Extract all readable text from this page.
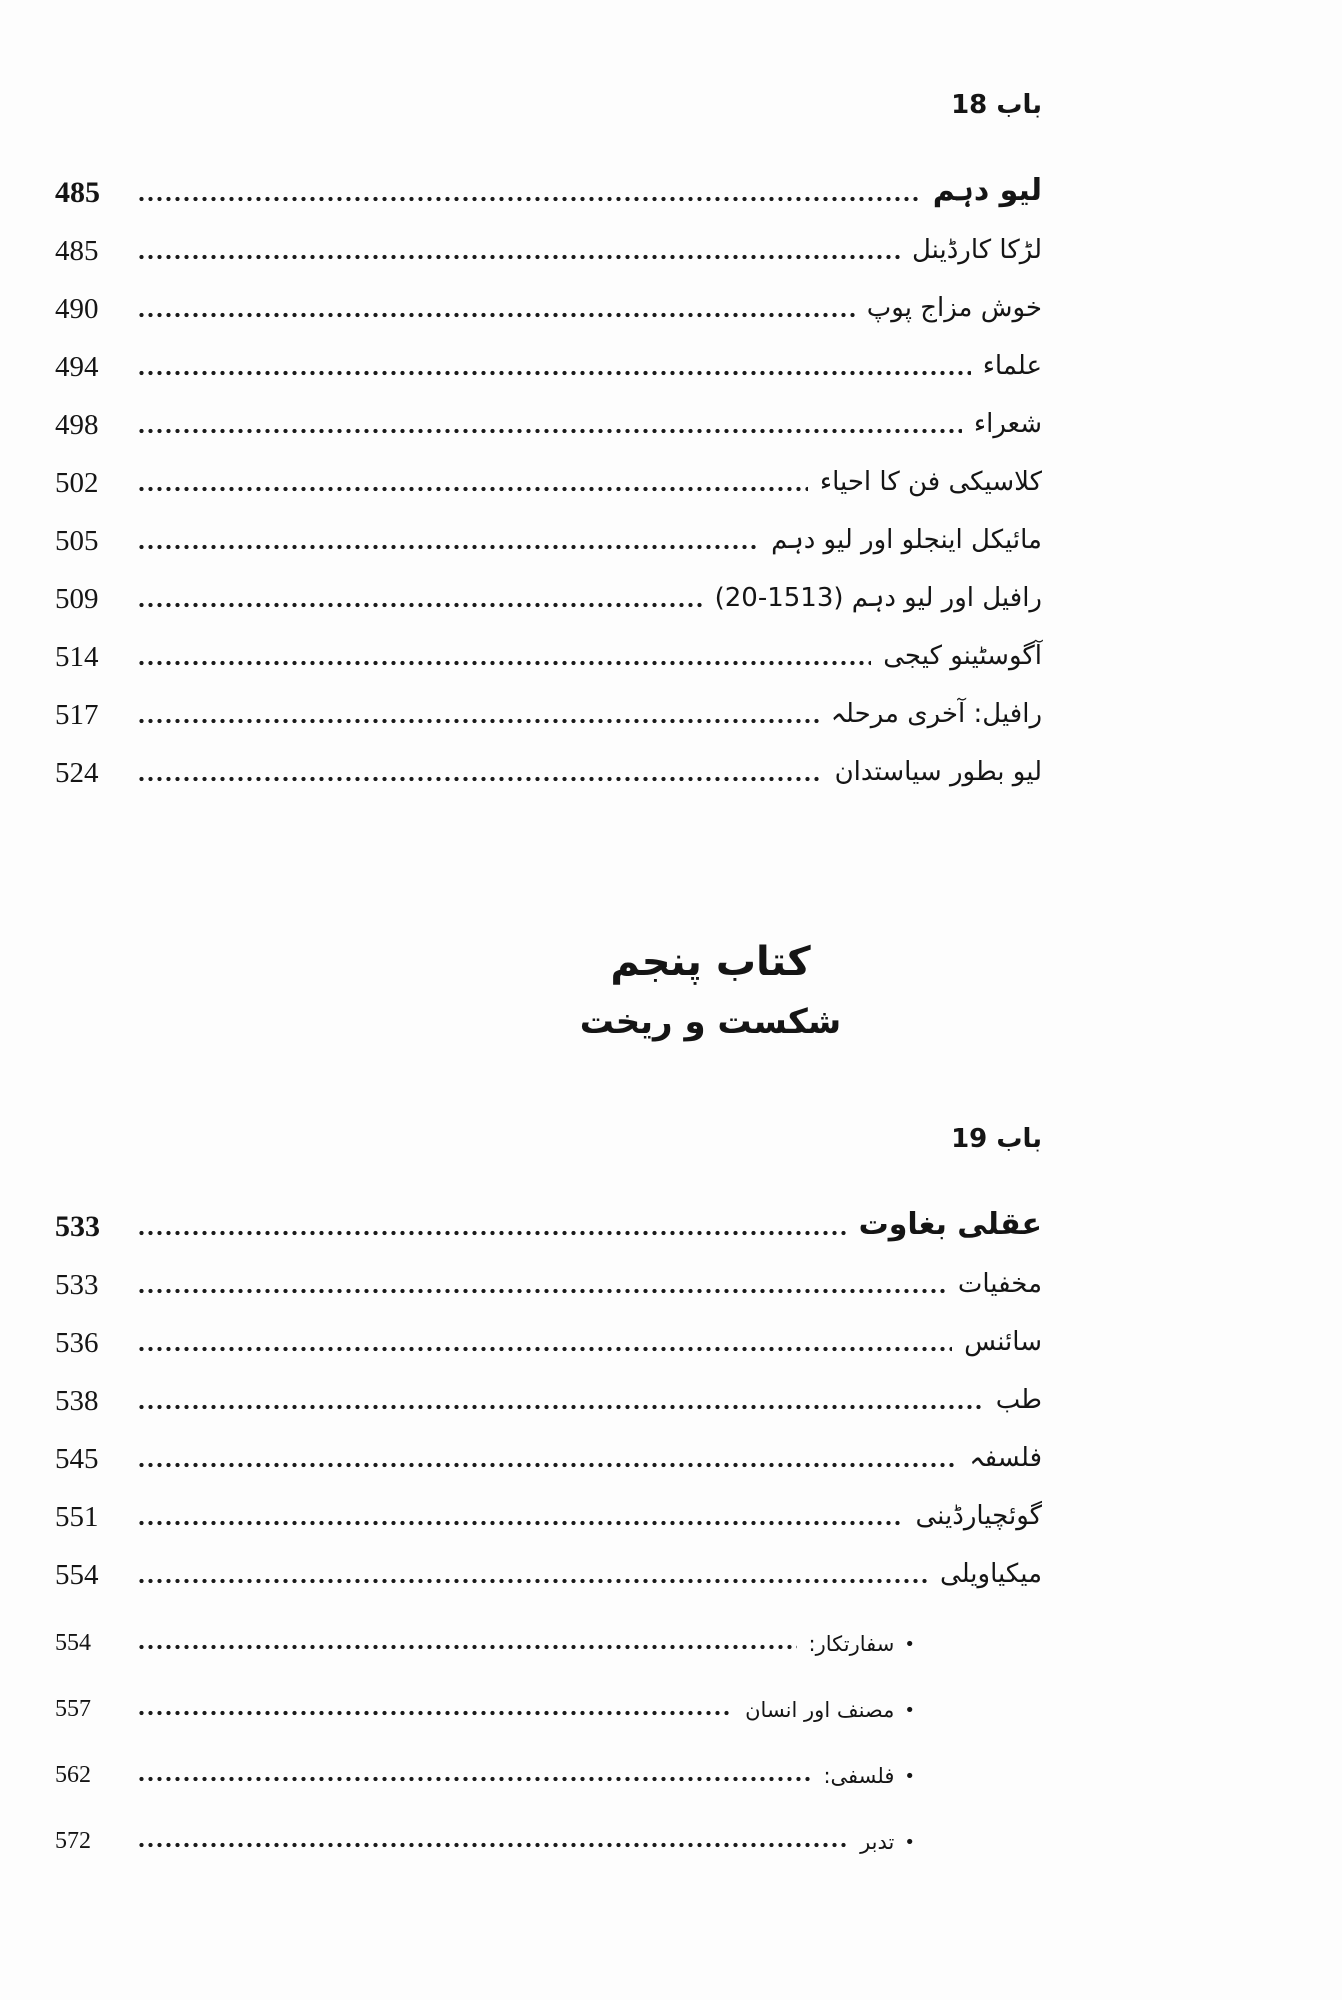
باب 18
لیو دہم
485
لڑکا کارڈینل
485
خوش مزاج پوپ
490
علماء
494
شعراء
498
کلاسیکی فن کا احیاء
502
مائیکل اینجلو اور لیو دہم
505
رافیل اور لیو دہم (1513-20)
509
آگوسٹینو کیجی
514
رافیل: آخری مرحلہ
517
لیو بطور سیاستدان
524
کتاب پنجم
شکست و ریخت
باب 19
عقلی بغاوت
533
مخفیات
533
سائنس
536
طب
538
فلسفہ
545
گوئچیارڈینی
551
میکیاویلی
554
•
سفارتکار:
554
•
مصنف اور انسان
557
•
فلسفی:
562
•
تدبر
572
